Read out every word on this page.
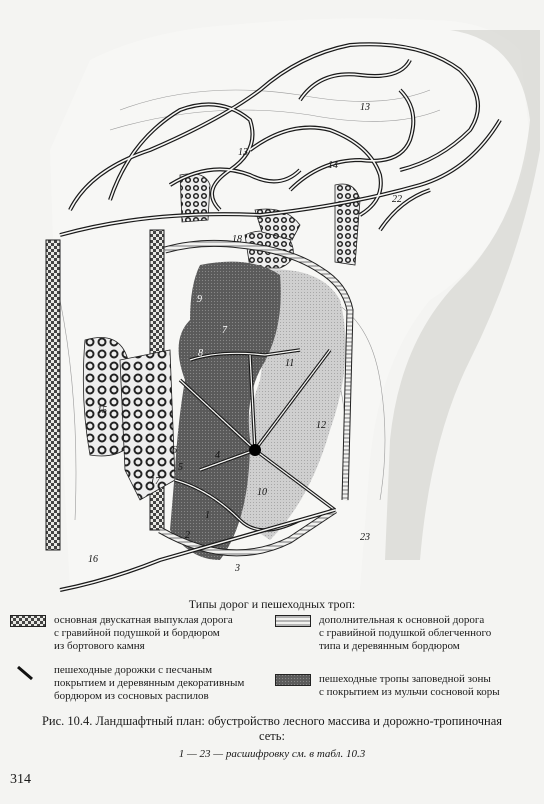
1
2
3
4
5
6
7
8
9
10
11
12
13
13
14
15
16
17
18
22
23
Типы дорог и пешеходных троп:
основная двускатная выпуклая дорога
с гравийной подушкой и бордюром
из бортового камня
дополнительная к основной дорога
с гравийной подушкой облегченного
типа и деревянным бордюром
пешеходные дорожки с песчаным
покрытием и деревянным декоративным
бордюром из сосновых распилов
пешеходные тропы заповедной зоны
с покрытием из мульчи сосновой коры
Рис. 10.4. Ландшафтный план: обустройство лесного массива и дорожно-тропиночная
сеть:
1 — 23 — расшифровку см. в табл. 10.3
314
